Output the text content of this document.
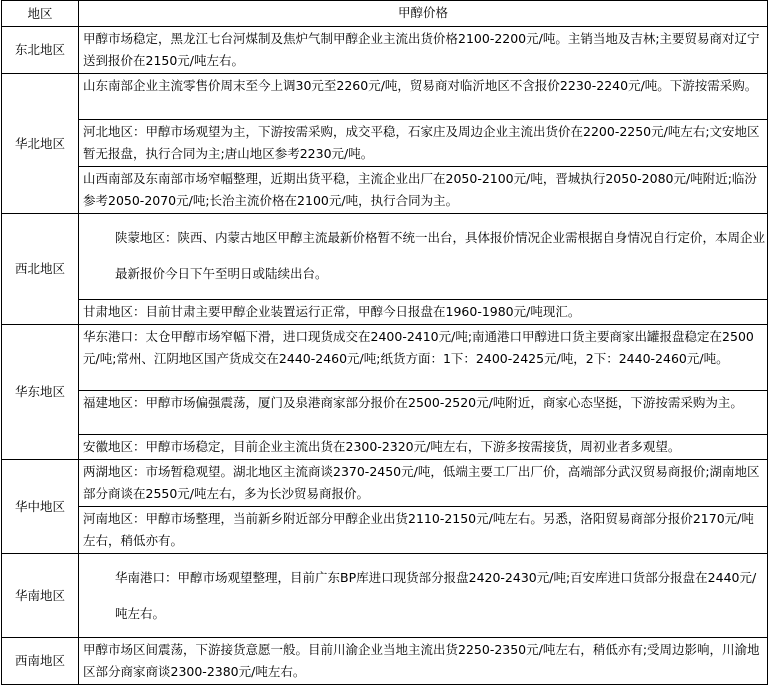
地区	甲醇价格
东北地区	甲醇市场稳定，黑龙江七台河煤制及焦炉气制甲醇企业主流出货价格2100-2200元/吨。主销当地及吉林;主要贸易商对辽宁送到报价在2150元/吨左右。
华北地区	山东南部企业主流零售价周末至今上调30元至2260元/吨，贸易商对临沂地区不含报价2230-2240元/吨。下游按需采购。
	河北地区：甲醇市场观望为主，下游按需采购，成交平稳，石家庄及周边企业主流出货价在2200-2250元/吨左右;文安地区暂无报盘，执行合同为主;唐山地区参考2230元/吨。
	山西南部及东南部市场窄幅整理，近期出货平稳，主流企业出厂在2050-2100元/吨，晋城执行2050-2080元/吨附近;临汾参考2050-2070元/吨;长治主流价格在2100元/吨，执行合同为主。
西北地区	陕蒙地区：陕西、内蒙古地区甲醇主流最新价格暂不统一出台，具体报价情况企业需根据自身情况自行定价，本周企业最新报价今日下午至明日或陆续出台。
	甘肃地区：目前甘肃主要甲醇企业装置运行正常，甲醇今日报盘在1960-1980元/吨现汇。
华东地区	华东港口：太仓甲醇市场窄幅下滑，进口现货成交在2400-2410元/吨;南通港口甲醇进口货主要商家出罐报盘稳定在2500元/吨;常州、江阴地区国产货成交在2440-2460元/吨;纸货方面：1下：2400-2425元/吨，2下：2440-2460元/吨。
	福建地区：甲醇市场偏强震荡，厦门及泉港商家部分报价在2500-2520元/吨附近，商家心态坚挺，下游按需采购为主。
	安徽地区：甲醇市场稳定，目前企业主流出货在2300-2320元/吨左右，下游多按需接货，周初业者多观望。
华中地区	两湖地区：市场暂稳观望。湖北地区主流商谈2370-2450元/吨，低端主要工厂出厂价，高端部分武汉贸易商报价;湖南地区部分商谈在2550元/吨左右，多为长沙贸易商报价。
	河南地区：甲醇市场整理，当前新乡附近部分甲醇企业出货2110-2150元/吨左右。另悉，洛阳贸易商部分报价2170元/吨左右，稍低亦有。
华南地区	华南港口：甲醇市场观望整理，目前广东BP库进口现货部分报盘2420-2430元/吨;百安库进口货部分报盘在2440元/吨左右。
西南地区	甲醇市场区间震荡，下游接货意愿一般。目前川渝企业当地主流出货2250-2350元/吨左右，稍低亦有;受周边影响，川渝地区部分商家商谈2300-2380元/吨左右。
